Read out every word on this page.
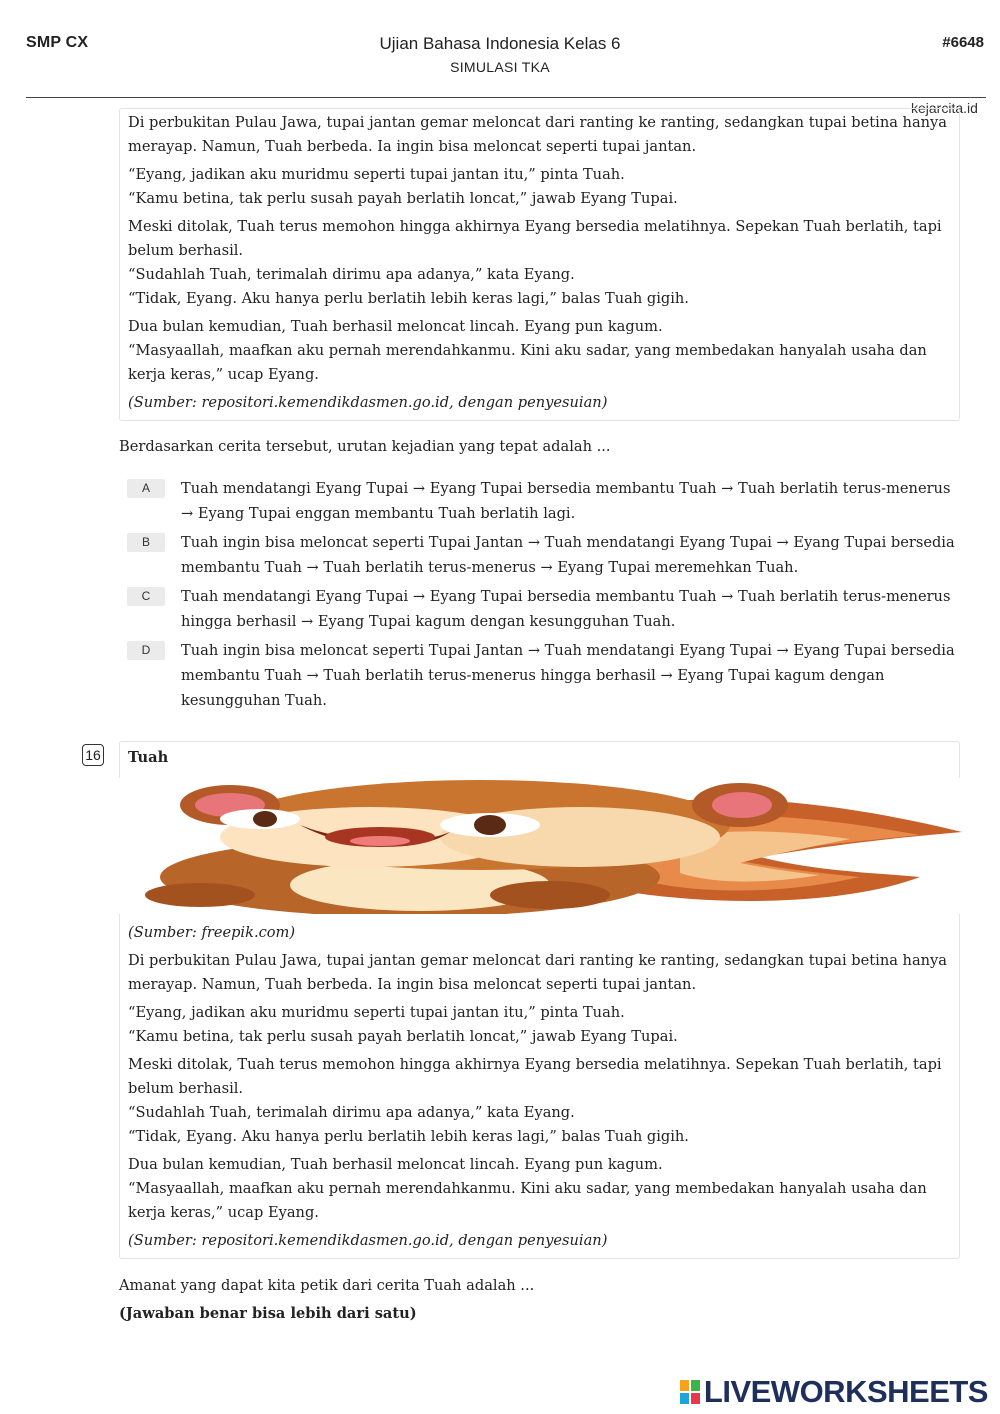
SMP CX	Ujian Bahasa Indonesia Kelas 6
SIMULASI TKA
#6648
kejarcita.id

Di perbukitan Pulau Jawa, tupai jantan gemar meloncat dari ranting ke ranting, sedangkan tupai betina hanya merayap. Namun, Tuah berbeda. Ia ingin bisa meloncat seperti tupai jantan.

“Eyang, jadikan aku muridmu seperti tupai jantan itu,” pinta Tuah.

“Kamu betina, tak perlu susah payah berlatih loncat,” jawab Eyang Tupai.

Meski ditolak, Tuah terus memohon hingga akhirnya Eyang bersedia melatihnya. Sepekan Tuah berlatih, tapi belum berhasil.

“Sudahlah Tuah, terimalah dirimu apa adanya,” kata Eyang.

“Tidak, Eyang. Aku hanya perlu berlatih lebih keras lagi,” balas Tuah gigih.

Dua bulan kemudian, Tuah berhasil meloncat lincah. Eyang pun kagum.

“Masyaallah, maafkan aku pernah merendahkanmu. Kini aku sadar, yang membedakan hanyalah usaha dan kerja keras,” ucap Eyang.

(Sumber: repositori.kemendikdasmen.go.id, dengan penyesuian)

Berdasarkan cerita tersebut, urutan kejadian yang tepat adalah ...
A	Tuah mendatangi Eyang Tupai → Eyang Tupai bersedia membantu Tuah → Tuah berlatih terus-menerus → Eyang Tupai enggan membantu Tuah berlatih lagi.
B	Tuah ingin bisa meloncat seperti Tupai Jantan → Tuah mendatangi Eyang Tupai → Eyang Tupai bersedia membantu Tuah → Tuah berlatih terus-menerus → Eyang Tupai meremehkan Tuah.
C	Tuah mendatangi Eyang Tupai → Eyang Tupai bersedia membantu Tuah → Tuah berlatih terus-menerus hingga berhasil → Eyang Tupai kagum dengan kesungguhan Tuah.
D	Tuah ingin bisa meloncat seperti Tupai Jantan → Tuah mendatangi Eyang Tupai → Eyang Tupai bersedia membantu Tuah → Tuah berlatih terus-menerus hingga berhasil → Eyang Tupai kagum dengan kesungguhan Tuah.
16 Tuah

(Sumber: freepik.com)

Di perbukitan Pulau Jawa, tupai jantan gemar meloncat dari ranting ke ranting, sedangkan tupai betina hanya merayap. Namun, Tuah berbeda. Ia ingin bisa meloncat seperti tupai jantan.

“Eyang, jadikan aku muridmu seperti tupai jantan itu,” pinta Tuah.

“Kamu betina, tak perlu susah payah berlatih loncat,” jawab Eyang Tupai.

Meski ditolak, Tuah terus memohon hingga akhirnya Eyang bersedia melatihnya. Sepekan Tuah berlatih, tapi belum berhasil.

“Sudahlah Tuah, terimalah dirimu apa adanya,” kata Eyang.

“Tidak, Eyang. Aku hanya perlu berlatih lebih keras lagi,” balas Tuah gigih.

Dua bulan kemudian, Tuah berhasil meloncat lincah. Eyang pun kagum.

“Masyaallah, maafkan aku pernah merendahkanmu. Kini aku sadar, yang membedakan hanyalah usaha dan kerja keras,” ucap Eyang.

(Sumber: repositori.kemendikdasmen.go.id, dengan penyesuian)

Amanat yang dapat kita petik dari cerita Tuah adalah ...
(Jawaban benar bisa lebih dari satu)
LIVEWORKSHEETS
